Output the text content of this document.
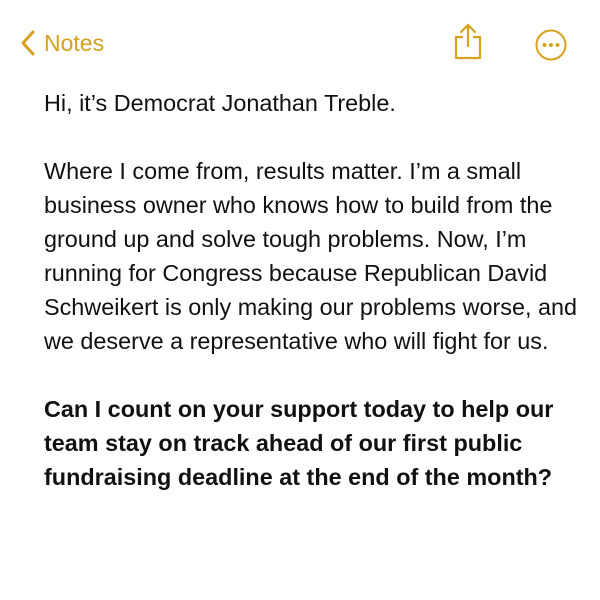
Notes

Hi, it’s Democrat Jonathan Treble.

Where I come from, results matter. I’m a small business owner who knows how to build from the ground up and solve tough problems. Now, I’m running for Congress because Republican David Schweikert is only making our problems worse, and we deserve a representative who will fight for us.

Can I count on your support today to help our team stay on track ahead of our first public fundraising deadline at the end of the month?
